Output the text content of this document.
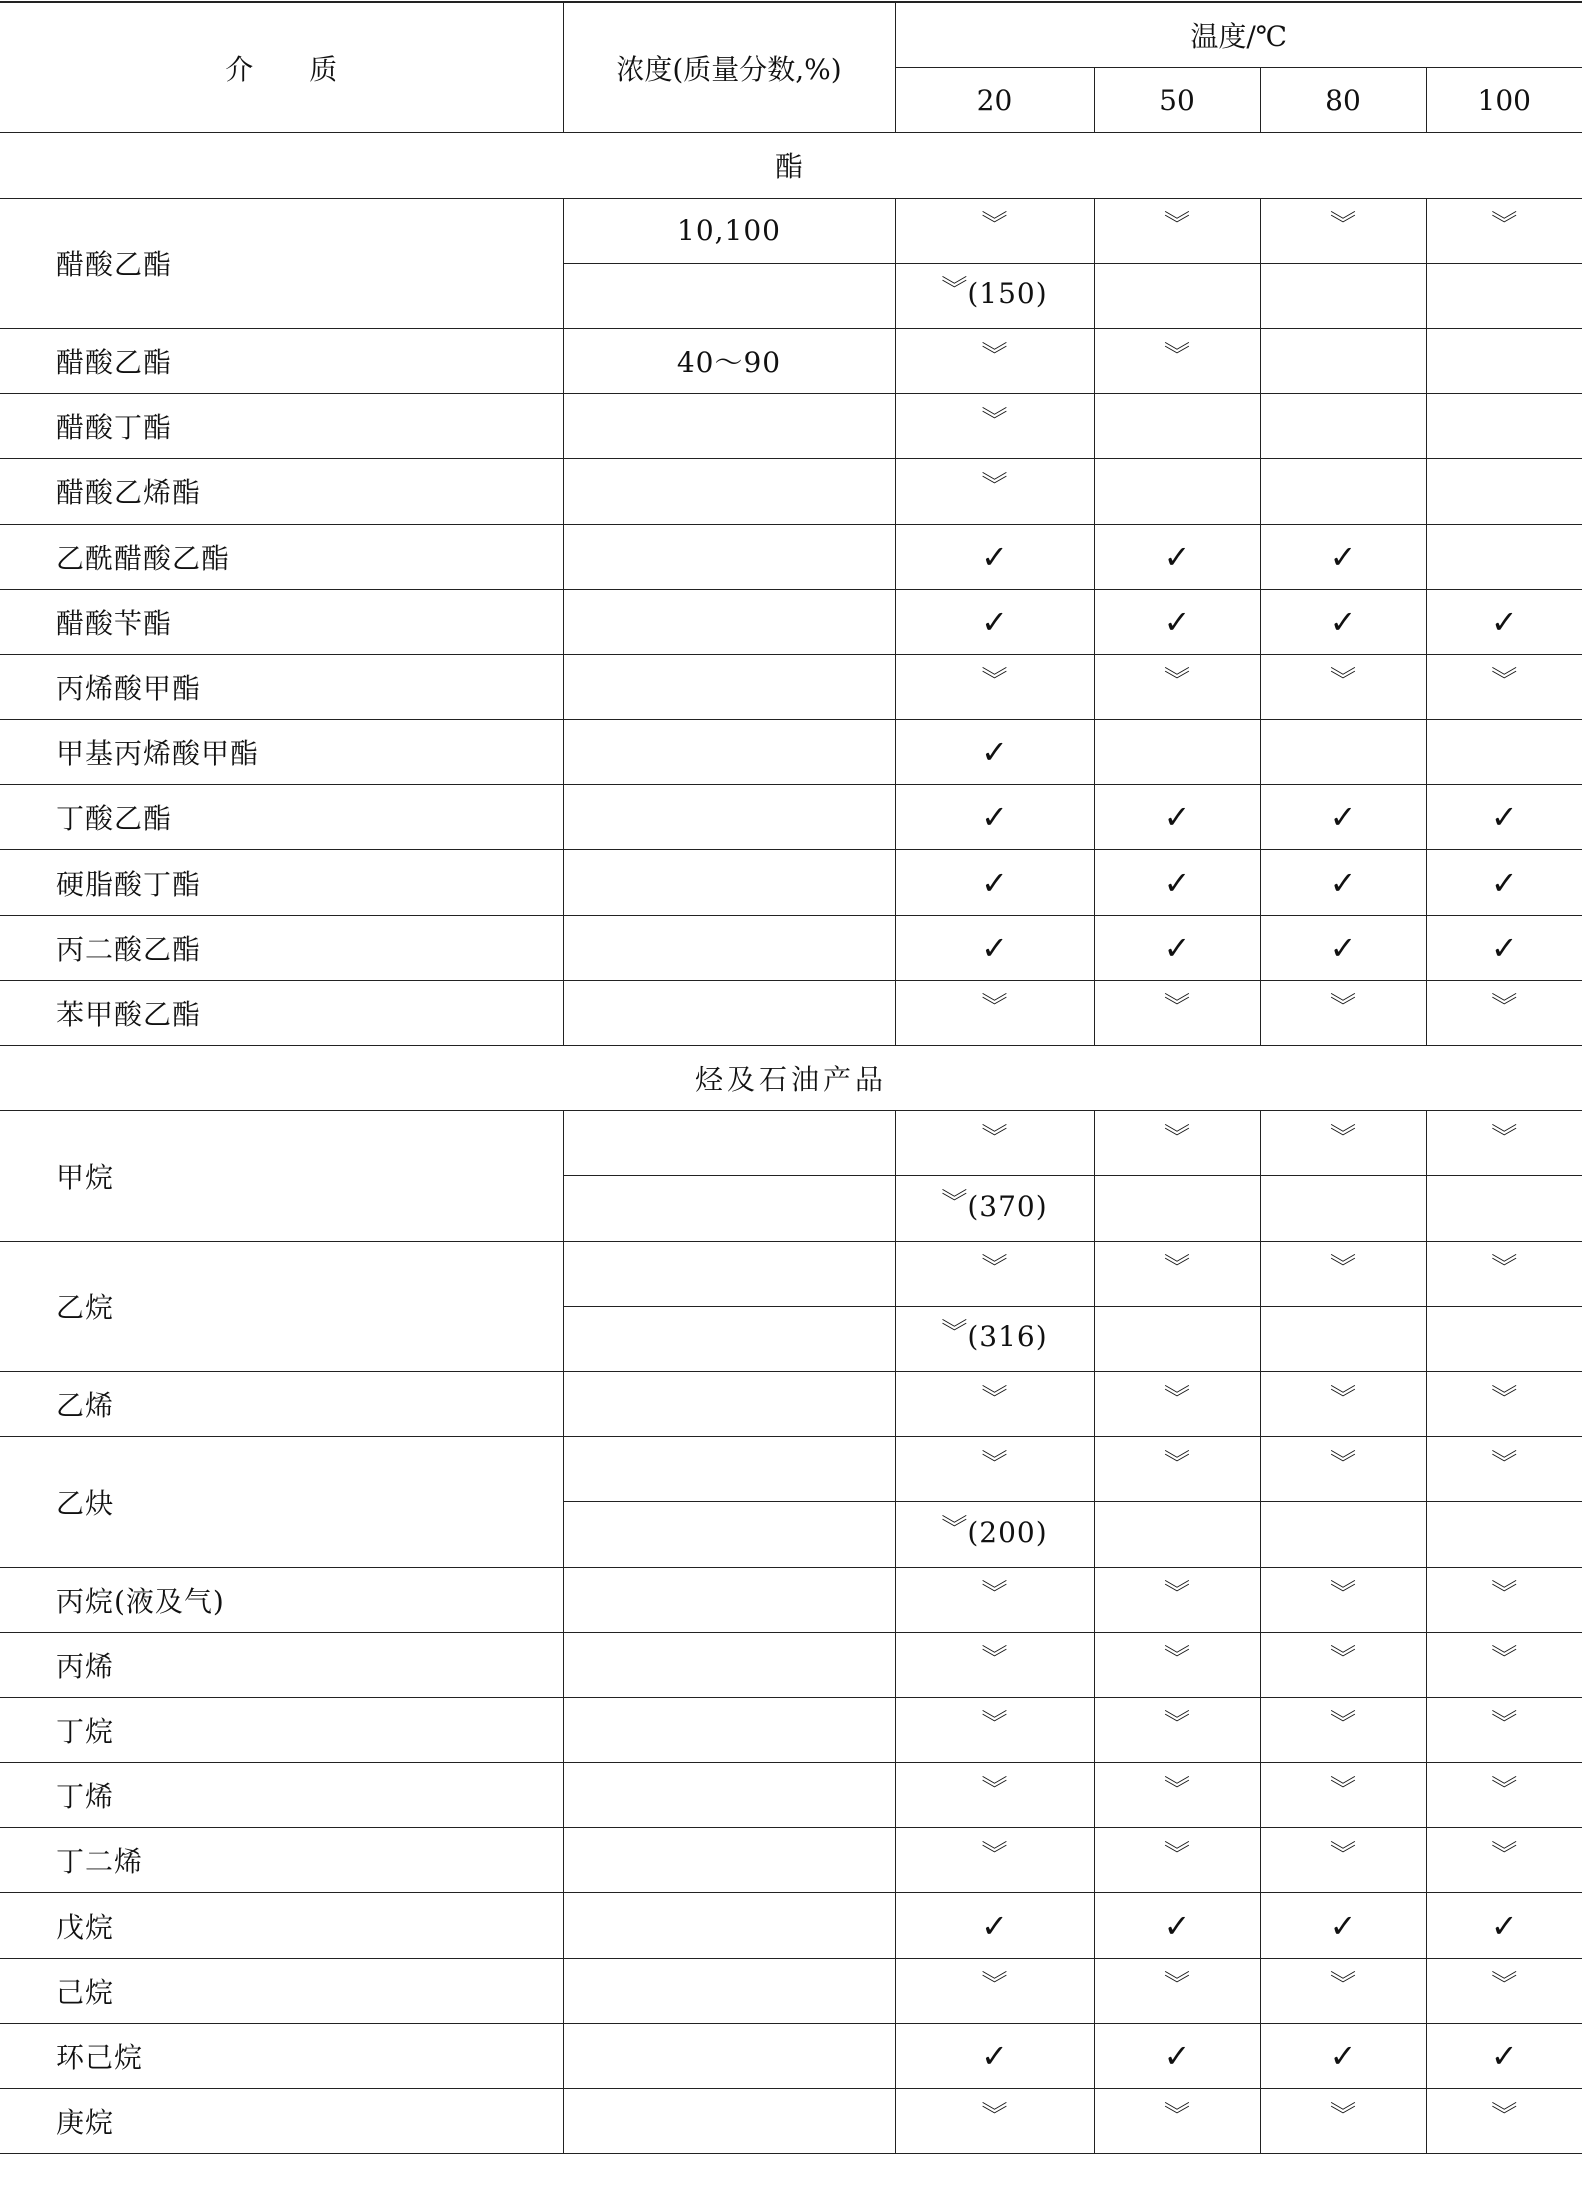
介　　质	浓度(质量分数,%)	温度/℃			
		20	50	80	100
酯					
醋酸乙酯	10,100	︾	︾	︾	︾

		︾ (150)			

醋酸乙酯	40～90	︾	︾		

醋酸丁酯		︾			

醋酸乙烯酯		︾			

乙酰醋酸乙酯		✓	✓	✓	

醋酸苄酯		✓	✓	✓	✓

丙烯酸甲酯		︾	︾	︾	︾

甲基丙烯酸甲酯		✓			

丁酸乙酯		✓	✓	✓	✓

硬脂酸丁酯		✓	✓	✓	✓

丙二酸乙酯		✓	✓	✓	✓

苯甲酸乙酯		︾	︾	︾	︾

烃及石油产品					
甲烷		︾	︾	︾	︾

		︾ (370)			

乙烷		︾	︾	︾	︾

		︾ (316)			

乙烯		︾	︾	︾	︾

乙炔		︾	︾	︾	︾

		︾ (200)			

丙烷(液及气)		︾	︾	︾	︾

丙烯		︾	︾	︾	︾

丁烷		︾	︾	︾	︾

丁烯		︾	︾	︾	︾

丁二烯		︾	︾	︾	︾

戊烷		✓	✓	✓	✓

己烷		︾	︾	︾	︾

环己烷		✓	✓	✓	✓

庚烷		︾	︾	︾	︾
